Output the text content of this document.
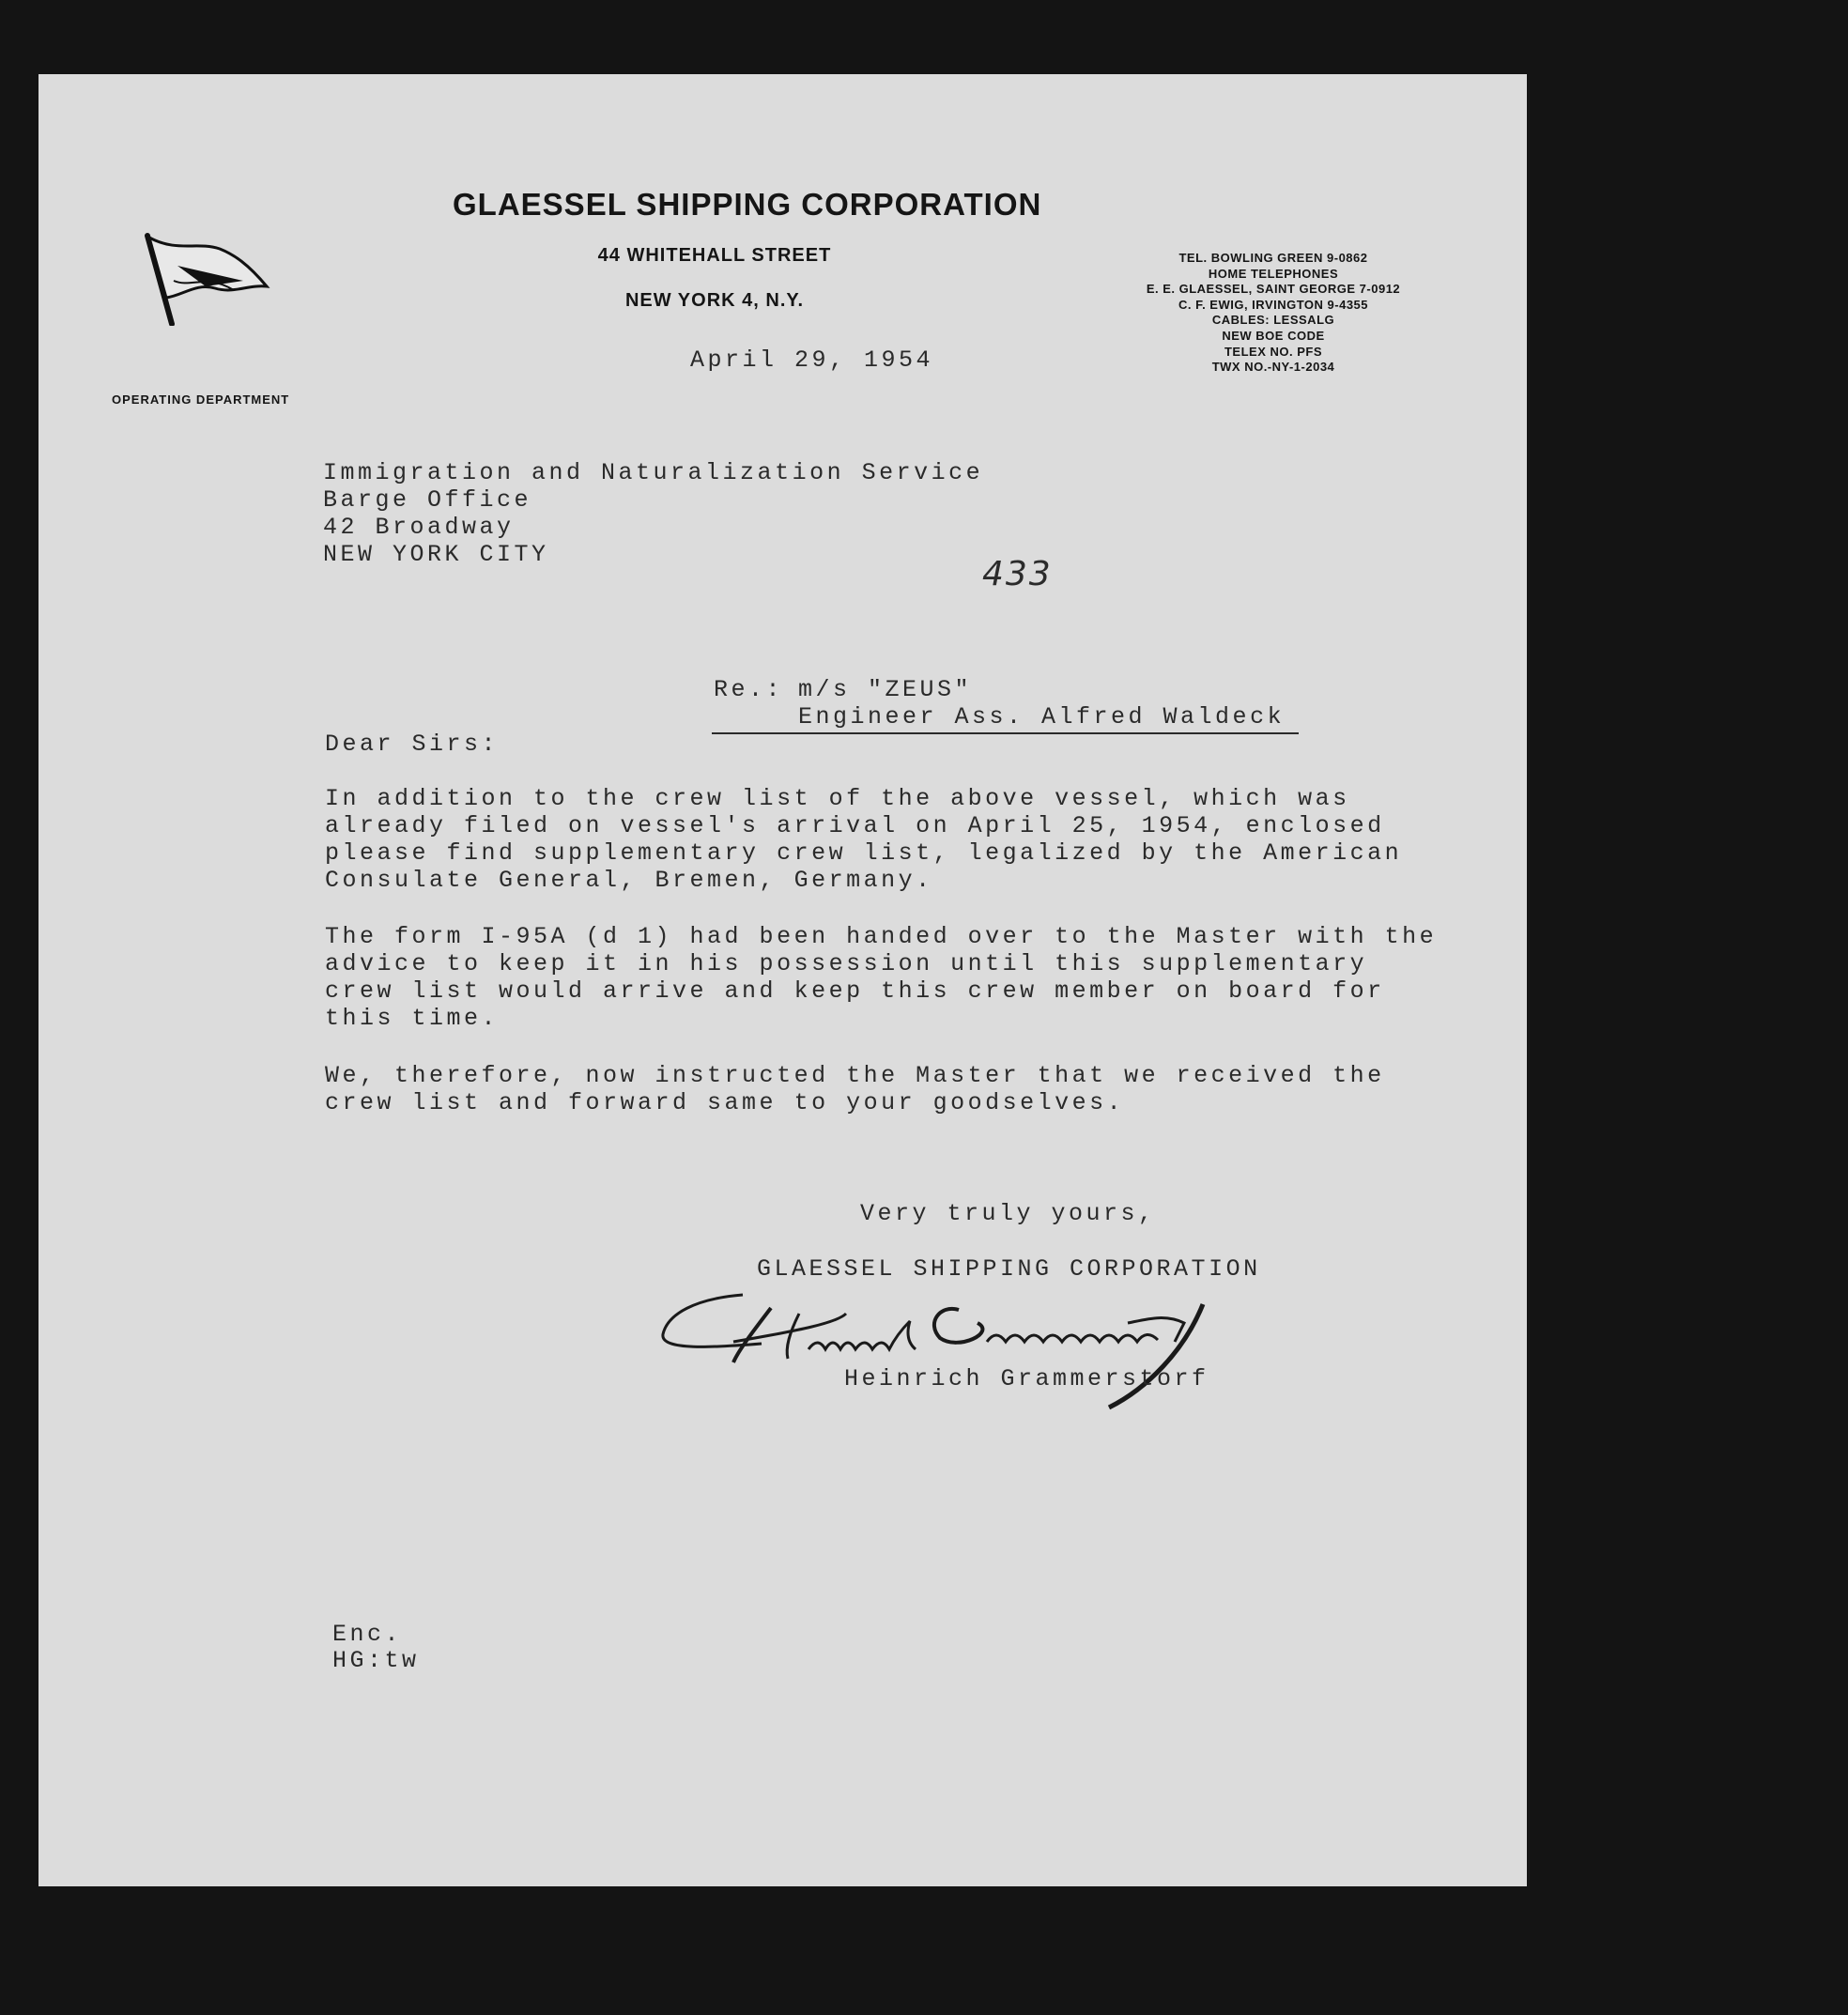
GLAESSEL SHIPPING CORPORATION
44 WHITEHALL STREET
NEW YORK 4, N.Y.
OPERATING DEPARTMENT
TEL. BOWLING GREEN 9-0862
HOME TELEPHONES
E. E. GLAESSEL, SAINT GEORGE 7-0912
C. F. EWIG, IRVINGTON 9-4355
CABLES: LESSALG
NEW BOE CODE
TELEX NO. PFS
TWX NO.-NY-1-2034
April 29, 1954
Immigration and Naturalization Service
Barge Office
42 Broadway
NEW YORK CITY
433
Re.: m/s "ZEUS"
Engineer Ass. Alfred Waldeck
Dear Sirs:

In addition to the crew list of the above vessel, which was
already filed on vessel's arrival on April 25, 1954, enclosed
please find supplementary crew list, legalized by the American
Consulate General, Bremen, Germany.

The form I-95A (d 1) had been handed over to the Master with the
advice to keep it in his possession until this supplementary
crew list would arrive and keep this crew member on board for
this time.

We, therefore, now instructed the Master that we received the
crew list and forward same to your goodselves.

Very truly yours,
GLAESSEL SHIPPING CORPORATION
Heinrich Grammerstorf
Enc.
HG:tw
